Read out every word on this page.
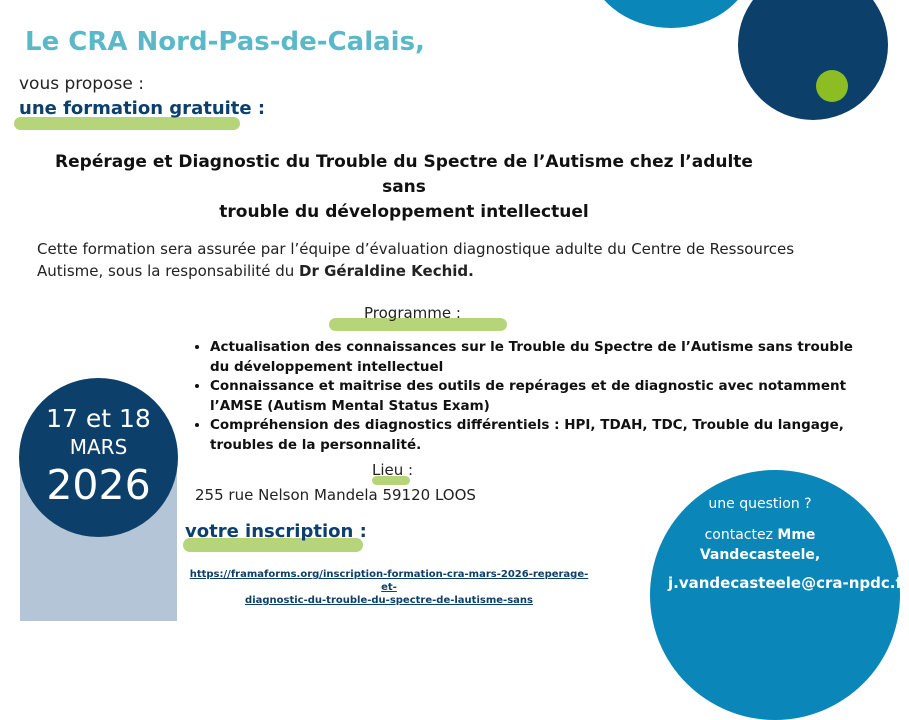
Le CRA Nord-Pas-de-Calais,
vous propose :
une formation gratuite :
Repérage et Diagnostic du Trouble du Spectre de l’Autisme chez l’adulte sans
trouble du développement intellectuel
Cette formation sera assurée par l’équipe d’évaluation diagnostique adulte du Centre de Ressources
Autisme, sous la responsabilité du Dr Géraldine Kechid.
Programme :
• Actualisation des connaissances sur le Trouble du Spectre de l’Autisme sans trouble du développement intellectuel
• Connaissance et maitrise des outils de repérages et de diagnostic avec notamment l’AMSE (Autism Mental Status Exam)
• Compréhension des diagnostics différentiels : HPI, TDAH, TDC, Trouble du langage, troubles de la personnalité.
17 et 18
MARS
2026	Lieu :
255 rue Nelson Mandela 59120 LOOS
votre inscription :
https://framaforms.org/inscription-formation-cra-mars-2026-reperage-et-
diagnostic-du-trouble-du-spectre-de-lautisme-sans
une question ?
contactez Mme Vandecasteele,
j.vandecasteele@cra-npdc.fr
